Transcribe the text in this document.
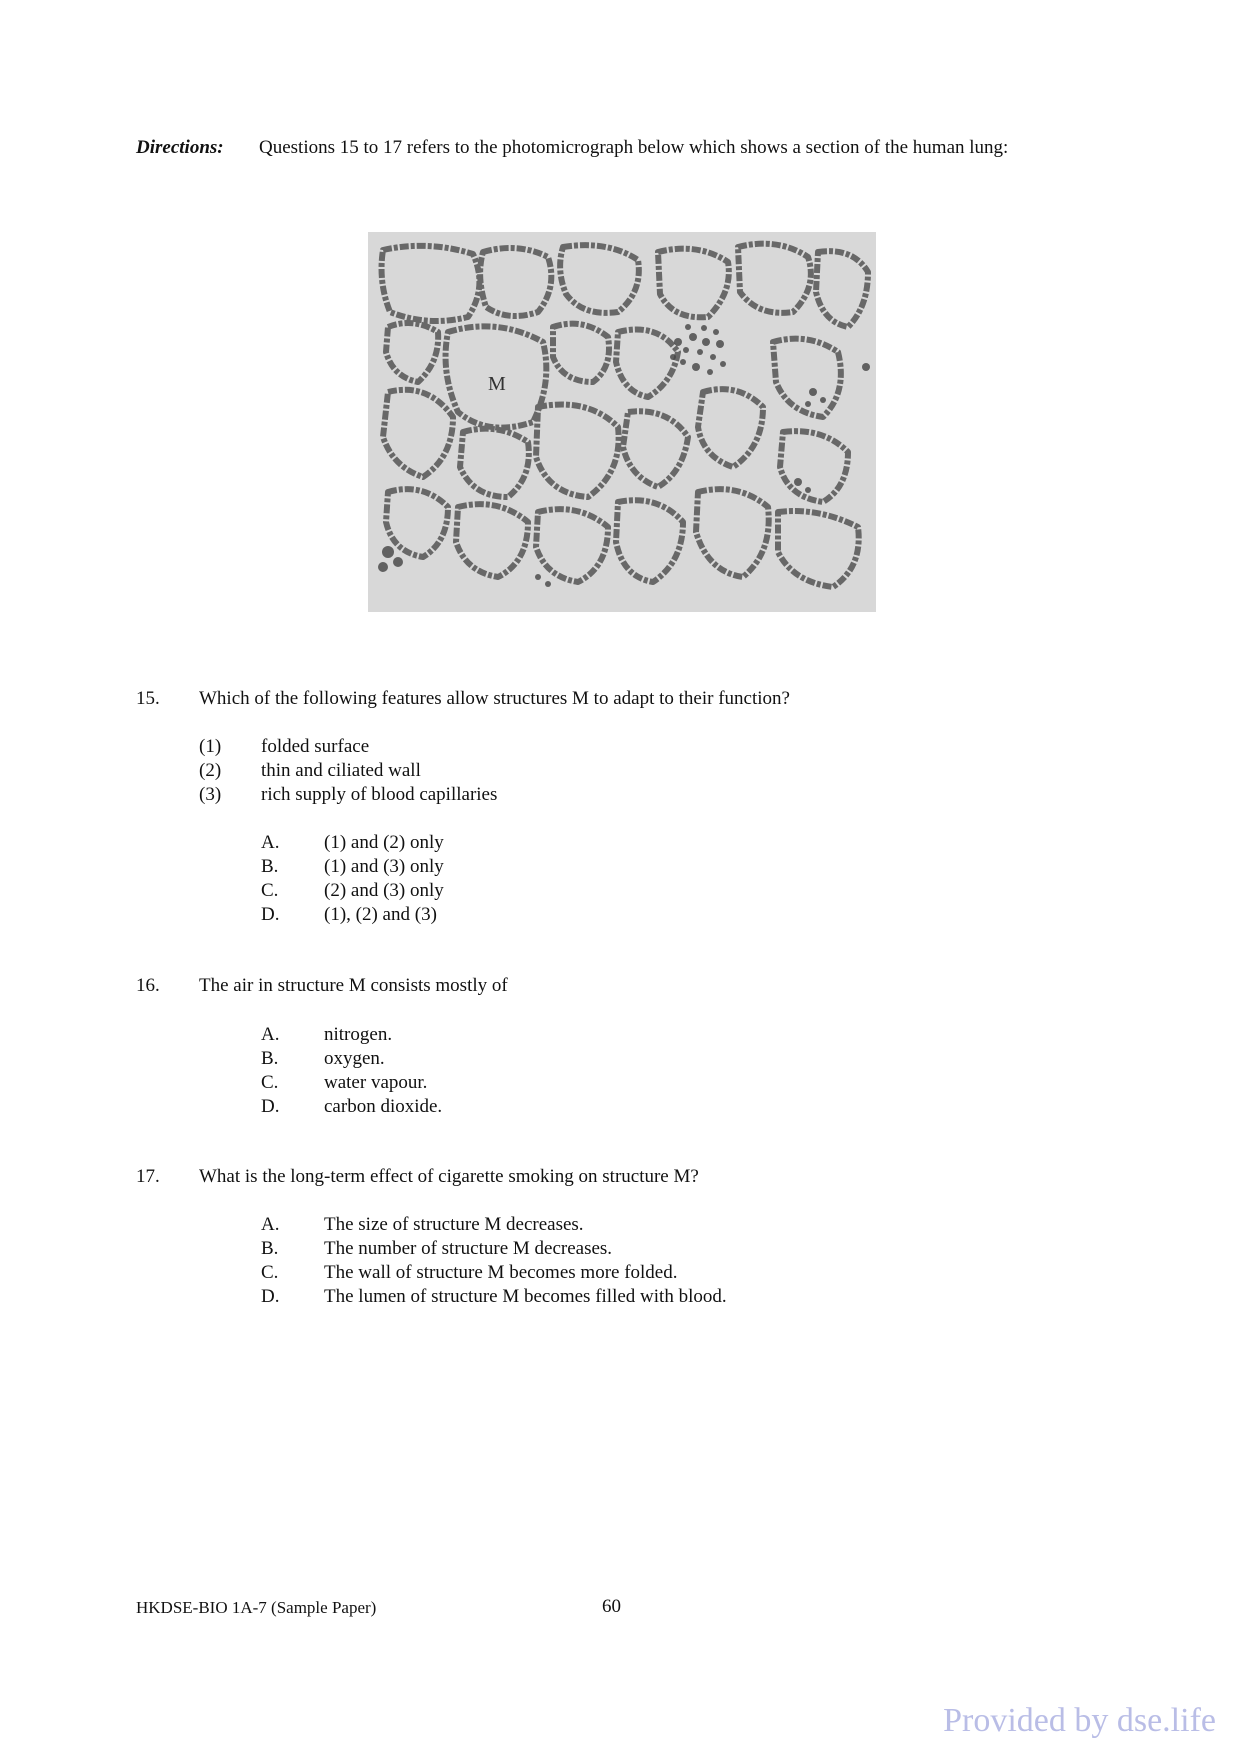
Directions: Questions 15 to 17 refers to the photomicrograph below which shows a section of the human lung:
M
15. Which of the following features allow structures M to adapt to their function?
(1) folded surface
(2) thin and ciliated wall
(3) rich supply of blood capillaries
A. (1) and (2) only
B. (1) and (3) only
C. (2) and (3) only
D. (1), (2) and (3)
16. The air in structure M consists mostly of
A. nitrogen.
B. oxygen.
C. water vapour.
D. carbon dioxide.
17. What is the long-term effect of cigarette smoking on structure M?
A. The size of structure M decreases.
B. The number of structure M decreases.
C. The wall of structure M becomes more folded.
D. The lumen of structure M becomes filled with blood.
HKDSE-BIO 1A-7 (Sample Paper)	60
Provided by dse.life
